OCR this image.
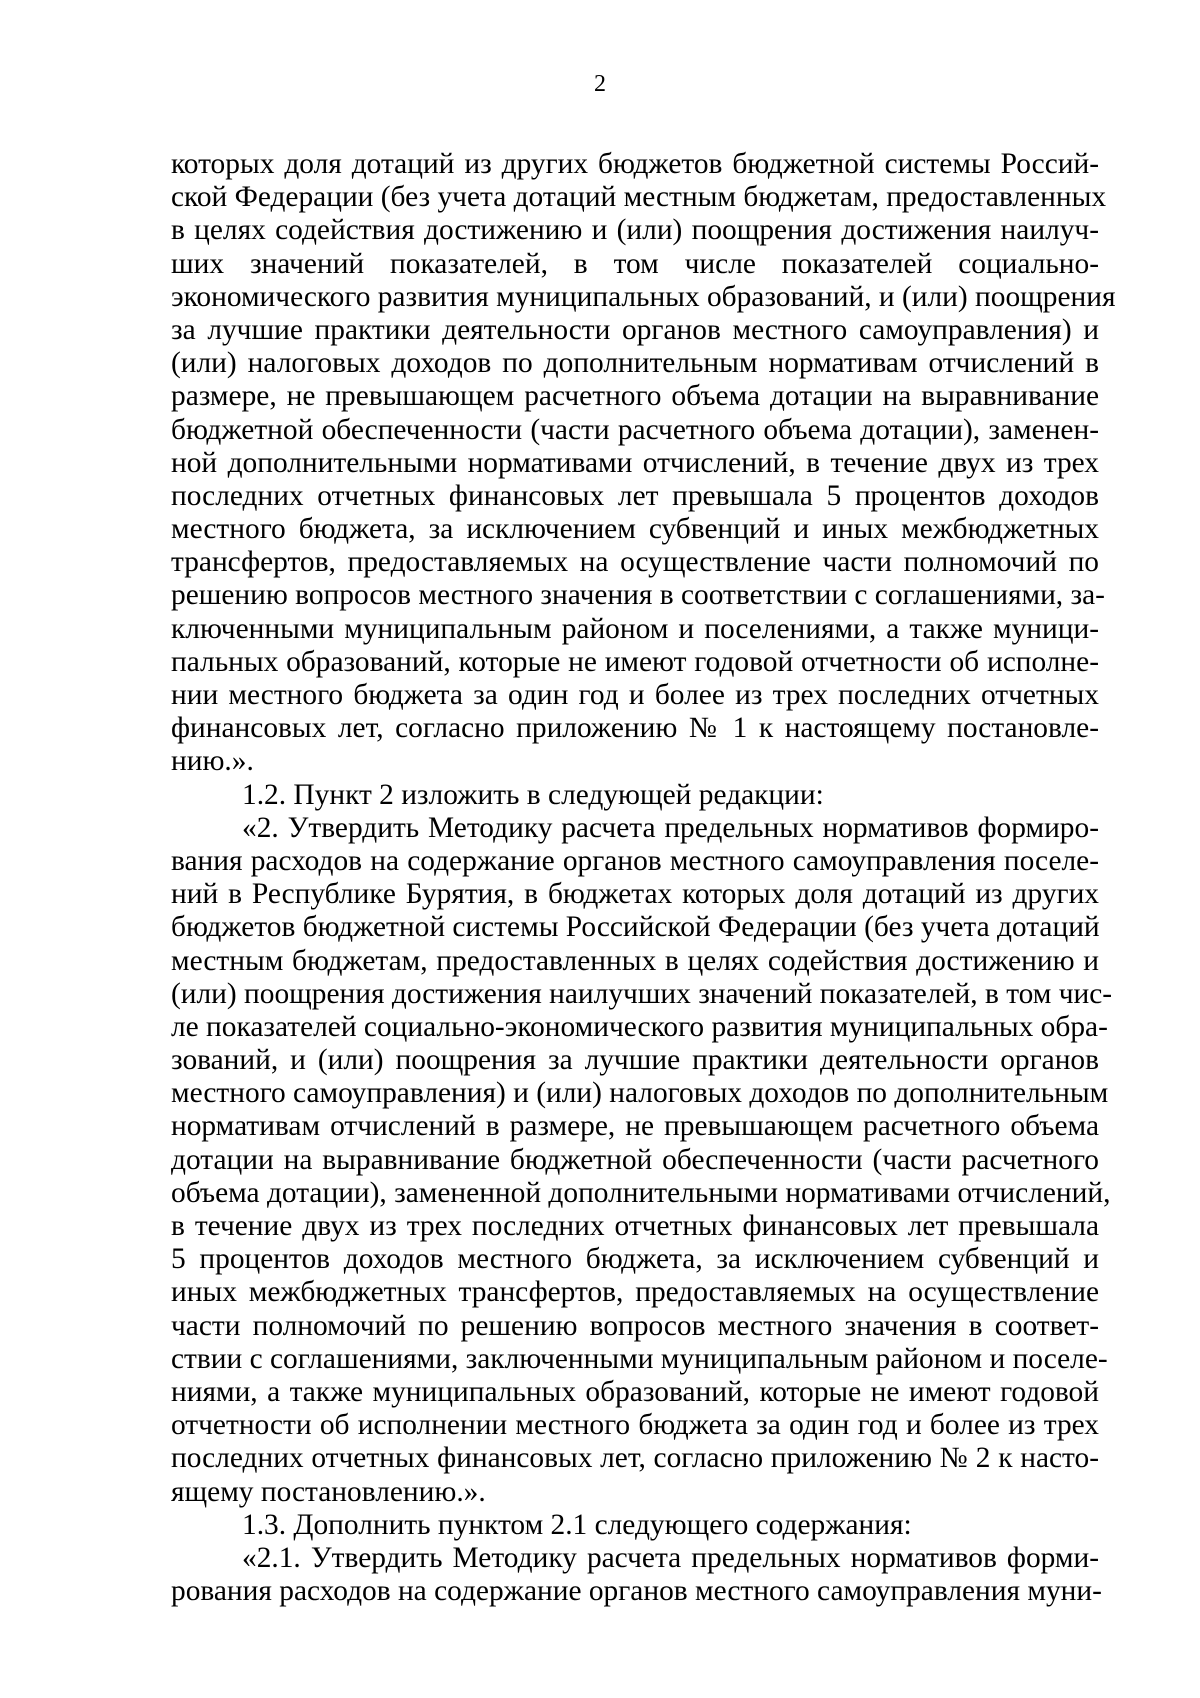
2
которых доля дотаций из других бюджетов бюджетной системы Россий-
ской Федерации (без учета дотаций местным бюджетам, предоставленных
в целях содействия достижению и (или) поощрения достижения наилуч-
ших значений показателей, в том числе показателей социально-
экономического развития муниципальных образований, и (или) поощрения
за лучшие практики деятельности органов местного самоуправления) и
(или) налоговых доходов по дополнительным нормативам отчислений в
размере, не превышающем расчетного объема дотации на выравнивание
бюджетной обеспеченности (части расчетного объема дотации), заменен-
ной дополнительными нормативами отчислений, в течение двух из трех
последних отчетных финансовых лет превышала 5 процентов доходов
местного бюджета, за исключением субвенций и иных межбюджетных
трансфертов, предоставляемых на осуществление части полномочий по
решению вопросов местного значения в соответствии с соглашениями, за-
ключенными муниципальным районом и поселениями, а также муници-
пальных образований, которые не имеют годовой отчетности об исполне-
нии местного бюджета за один год и более из трех последних отчетных
финансовых лет, согласно приложению № 1 к настоящему постановле-
нию.».
1.2. Пункт 2 изложить в следующей редакции:
«2. Утвердить Методику расчета предельных нормативов формиро-
вания расходов на содержание органов местного самоуправления поселе-
ний в Республике Бурятия, в бюджетах которых доля дотаций из других
бюджетов бюджетной системы Российской Федерации (без учета дотаций
местным бюджетам, предоставленных в целях содействия достижению и
(или) поощрения достижения наилучших значений показателей, в том чис-
ле показателей социально-экономического развития муниципальных обра-
зований, и (или) поощрения за лучшие практики деятельности органов
местного самоуправления) и (или) налоговых доходов по дополнительным
нормативам отчислений в размере, не превышающем расчетного объема
дотации на выравнивание бюджетной обеспеченности (части расчетного
объема дотации), замененной дополнительными нормативами отчислений,
в течение двух из трех последних отчетных финансовых лет превышала
5 процентов доходов местного бюджета, за исключением субвенций и
иных межбюджетных трансфертов, предоставляемых на осуществление
части полномочий по решению вопросов местного значения в соответ-
ствии с соглашениями, заключенными муниципальным районом и поселе-
ниями, а также муниципальных образований, которые не имеют годовой
отчетности об исполнении местного бюджета за один год и более из трех
последних отчетных финансовых лет, согласно приложению № 2 к насто-
ящему постановлению.».
1.3. Дополнить пунктом 2.1 следующего содержания:
«2.1. Утвердить Методику расчета предельных нормативов форми-
рования расходов на содержание органов местного самоуправления муни-
